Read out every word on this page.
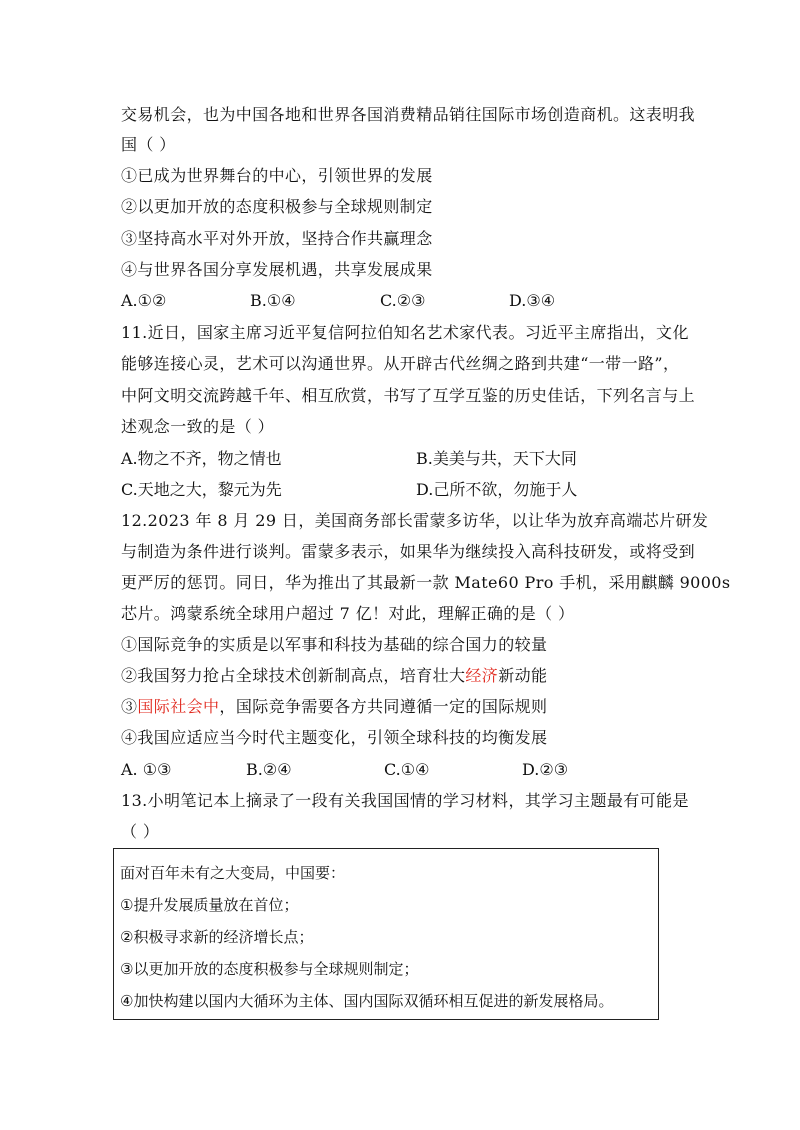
交易机会，也为中国各地和世界各国消费精品销往国际市场创造商机。这表明我
国（ ）
①已成为世界舞台的中心，引领世界的发展
②以更加开放的态度积极参与全球规则制定
③坚持高水平对外开放，坚持合作共赢理念
④与世界各国分享发展机遇，共享发展成果
A.①②	B.①④	C.②③	D.③④
11.近日，国家主席习近平复信阿拉伯知名艺术家代表。习近平主席指出，文化
能够连接心灵，艺术可以沟通世界。从开辟古代丝绸之路到共建“一带一路”，
中阿文明交流跨越千年、相互欣赏，书写了互学互鉴的历史佳话，下列名言与上
述观念一致的是（ ）
A.物之不齐，物之情也	B.美美与共，天下大同
C.天地之大，黎元为先	D.己所不欲，勿施于人
12.2023 年 8 月 29 日，美国商务部长雷蒙多访华，以让华为放弃高端芯片研发
与制造为条件进行谈判。雷蒙多表示，如果华为继续投入高科技研发，或将受到
更严厉的惩罚。同日，华为推出了其最新一款 Mate60 Pro 手机，采用麒麟 9000s
芯片。鸿蒙系统全球用户超过 7 亿！对此，理解正确的是（ ）
①国际竞争的实质是以军事和科技为基础的综合国力的较量
②我国努力抢占全球技术创新制高点，培育壮大经济新动能
③国际社会中，国际竞争需要各方共同遵循一定的国际规则
④我国应适应当今时代主题变化，引领全球科技的均衡发展
A. ①③	B.②④	C.①④	D.②③
13.小明笔记本上摘录了一段有关我国国情的学习材料，其学习主题最有可能是
（ ）
面对百年未有之大变局，中国要：
①提升发展质量放在首位；
②积极寻求新的经济增长点；
③以更加开放的态度积极参与全球规则制定；
④加快构建以国内大循环为主体、国内国际双循环相互促进的新发展格局。
